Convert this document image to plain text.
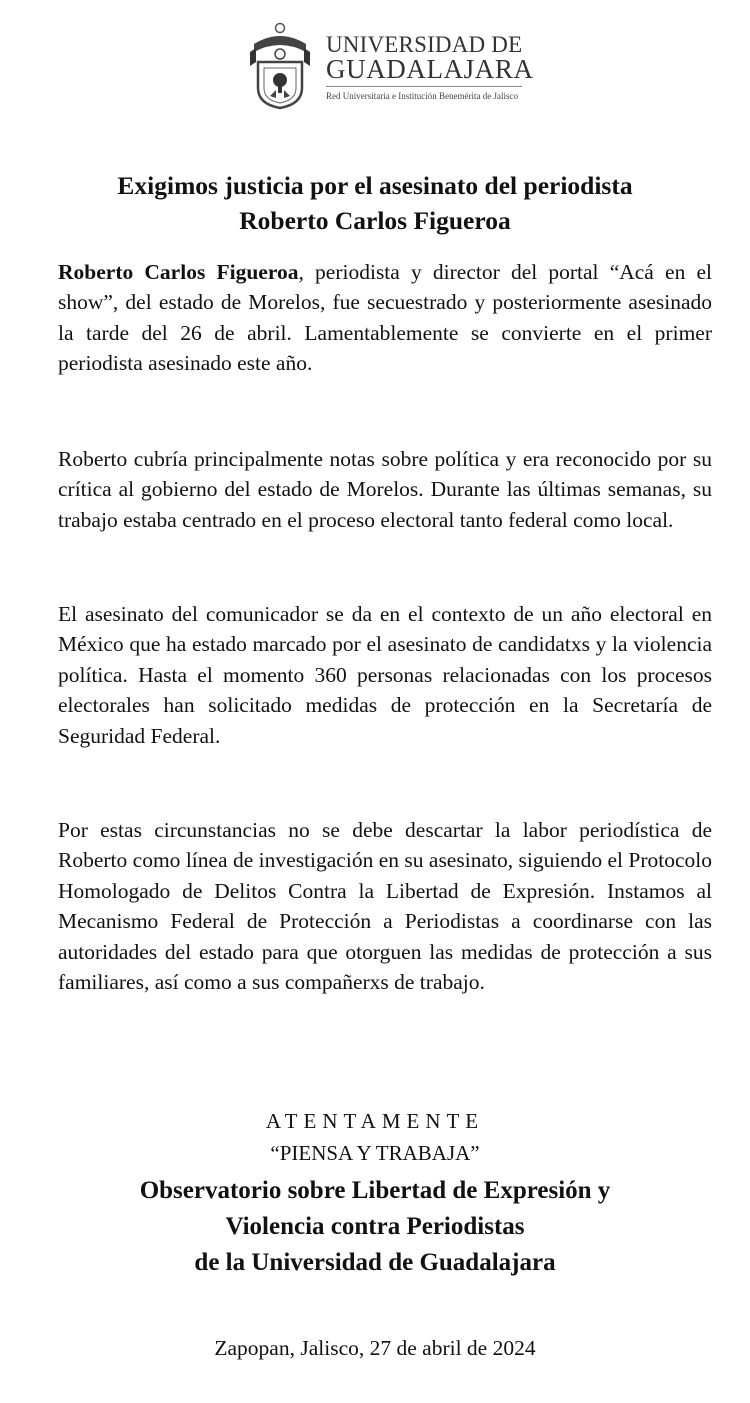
UNIVERSIDAD DE
GUADALAJARA
Red Universitaria e Institución Benemérita de Jalisco
Exigimos justicia por el asesinato del periodista
Roberto Carlos Figueroa
Roberto Carlos Figueroa, periodista y director del portal “Acá en el show”, del estado de Morelos, fue secuestrado y posteriormente asesinado la tarde del 26 de abril. Lamentablemente se convierte en el primer periodista asesinado este año.
Roberto cubría principalmente notas sobre política y era reconocido por su crítica al gobierno del estado de Morelos. Durante las últimas semanas, su trabajo estaba centrado en el proceso electoral tanto federal como local.
El asesinato del comunicador se da en el contexto de un año electoral en México que ha estado marcado por el asesinato de candidatxs y la violencia política. Hasta el momento 360 personas relacionadas con los procesos electorales han solicitado medidas de protección en la Secretaría de Seguridad Federal.
Por estas circunstancias no se debe descartar la labor periodística de Roberto como línea de investigación en su asesinato, siguiendo el Protocolo Homologado de Delitos Contra la Libertad de Expresión. Instamos al Mecanismo Federal de Protección a Periodistas a coordinarse con las autoridades del estado para que otorguen las medidas de protección a sus familiares, así como a sus compañerxs de trabajo.
ATENTAMENTE
“PIENSA Y TRABAJA”
Observatorio sobre Libertad de Expresión y
Violencia contra Periodistas
de la Universidad de Guadalajara
Zapopan, Jalisco, 27 de abril de 2024
